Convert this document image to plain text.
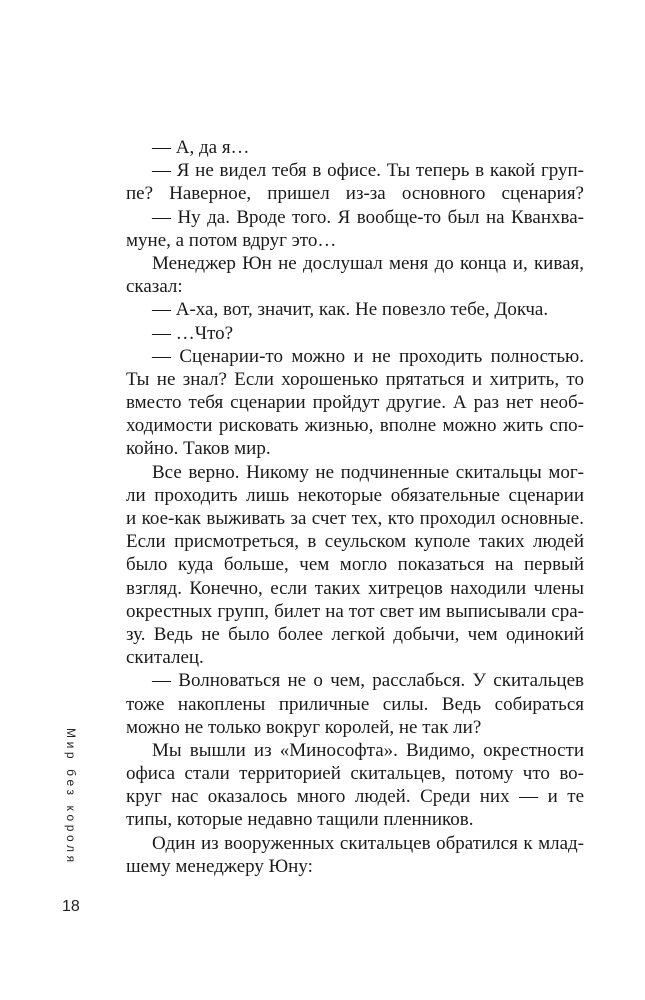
— А, да я…
— Я не видел тебя в офисе. Ты теперь в какой груп-
пе? Наверное, пришел из-за основного сценария?
— Ну да. Вроде того. Я вообще-то был на Кванхва-
муне, а потом вдруг это…
Менеджер Юн не дослушал меня до конца и, кивая,
сказал:
— А-ха, вот, значит, как. Не повезло тебе, Докча.
— …Что?
— Сценарии-то можно и не проходить полностью.
Ты не знал? Если хорошенько прятаться и хитрить, то
вместо тебя сценарии пройдут другие. А раз нет необ-
ходимости рисковать жизнью, вполне можно жить спо-
койно. Таков мир.
Все верно. Никому не подчиненные скитальцы мог-
ли проходить лишь некоторые обязательные сценарии
и кое-как выживать за счет тех, кто проходил основные.
Если присмотреться, в сеульском куполе таких людей
было куда больше, чем могло показаться на первый
взгляд. Конечно, если таких хитрецов находили члены
окрестных групп, билет на тот свет им выписывали сра-
зу. Ведь не было более легкой добычи, чем одинокий
скиталец.
— Волноваться не о чем, расслабься. У скитальцев
тоже накоплены приличные силы. Ведь собираться
можно не только вокруг королей, не так ли?
Мы вышли из «Минософта». Видимо, окрестности
офиса стали территорией скитальцев, потому что во-
круг нас оказалось много людей. Среди них — и те
типы, которые недавно тащили пленников.
Один из вооруженных скитальцев обратился к млад-
шему менеджеру Юну:
Мир без короля
18
